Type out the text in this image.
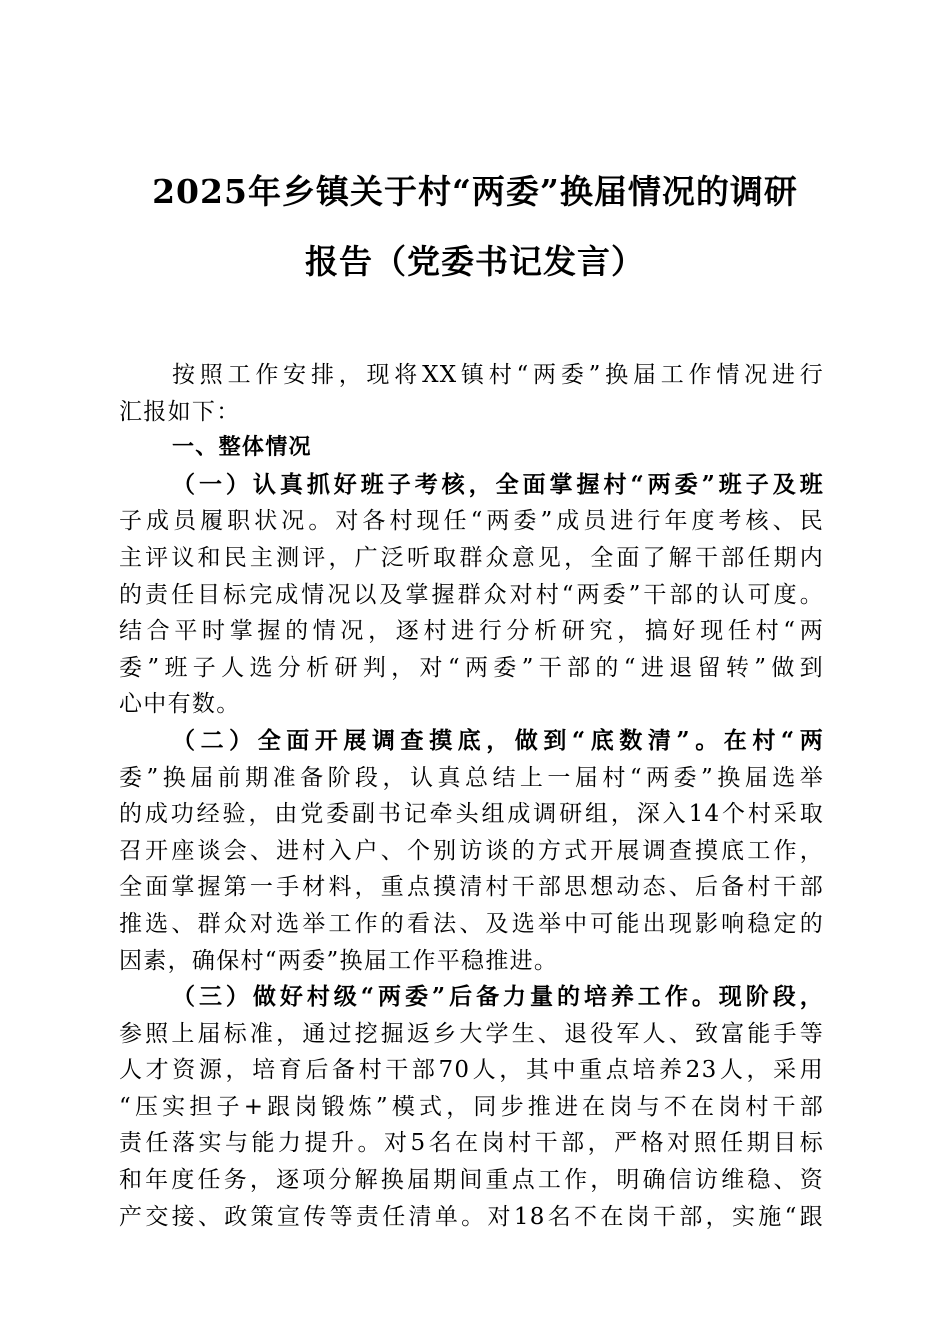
2025年乡镇关于村“两委”换届情况的调研
报告（党委书记发言）
按照工作安排，现将XX镇村“两委”换届工作情况进行
汇报如下：
一、整体情况
（一）认真抓好班子考核，全面掌握村“两委”班子及班
子成员履职状况。对各村现任“两委”成员进行年度考核、民
主评议和民主测评，广泛听取群众意见，全面了解干部任期内
的责任目标完成情况以及掌握群众对村“两委”干部的认可度。
结合平时掌握的情况，逐村进行分析研究，搞好现任村“两
委”班子人选分析研判，对“两委”干部的“进退留转”做到
心中有数。
（二）全面开展调查摸底，做到“底数清”。在村“两
委”换届前期准备阶段，认真总结上一届村“两委”换届选举
的成功经验，由党委副书记牵头组成调研组，深入14个村采取
召开座谈会、进村入户、个别访谈的方式开展调查摸底工作，
全面掌握第一手材料，重点摸清村干部思想动态、后备村干部
推选、群众对选举工作的看法、及选举中可能出现影响稳定的
因素，确保村“两委”换届工作平稳推进。
（三）做好村级“两委”后备力量的培养工作。现阶段，
参照上届标准，通过挖掘返乡大学生、退役军人、致富能手等
人才资源，培育后备村干部70人，其中重点培养23人，采用
“压实担子+跟岗锻炼”模式，同步推进在岗与不在岗村干部
责任落实与能力提升。对5名在岗村干部，严格对照任期目标
和年度任务，逐项分解换届期间重点工作，明确信访维稳、资
产交接、政策宣传等责任清单。对18名不在岗干部，实施“跟
